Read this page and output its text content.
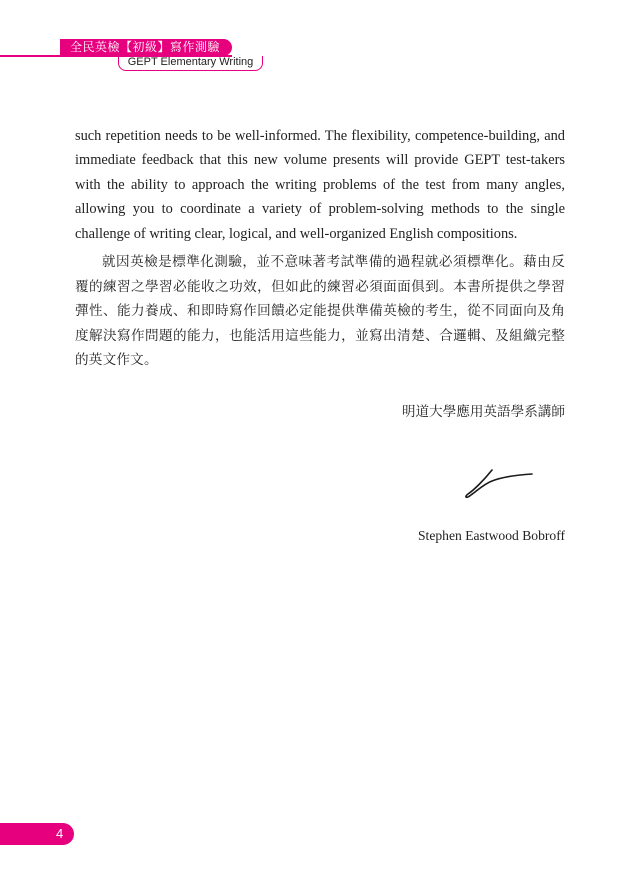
全民英檢【初級】寫作測驗
GEPT Elementary Writing

such repetition needs to be well-informed. The flexibility, competence-building, and immediate feedback that this new volume presents will provide GEPT test-takers with the ability to approach the writing problems of the test from many angles, allowing you to coordinate a variety of problem-solving methods to the single challenge of writing clear, logical, and well-organized English compositions.

就因英檢是標準化測驗，並不意味著考試準備的過程就必須標準化。藉由反覆的練習之學習必能收之功效，但如此的練習必須面面俱到。本書所提供之學習彈性、能力養成、和即時寫作回饋必定能提供準備英檢的考生，從不同面向及角度解決寫作問題的能力，也能活用這些能力，並寫出清楚、合邏輯、及組織完整的英文作文。

明道大學應用英語學系講師
Stephen Eastwood Bobroff
4
